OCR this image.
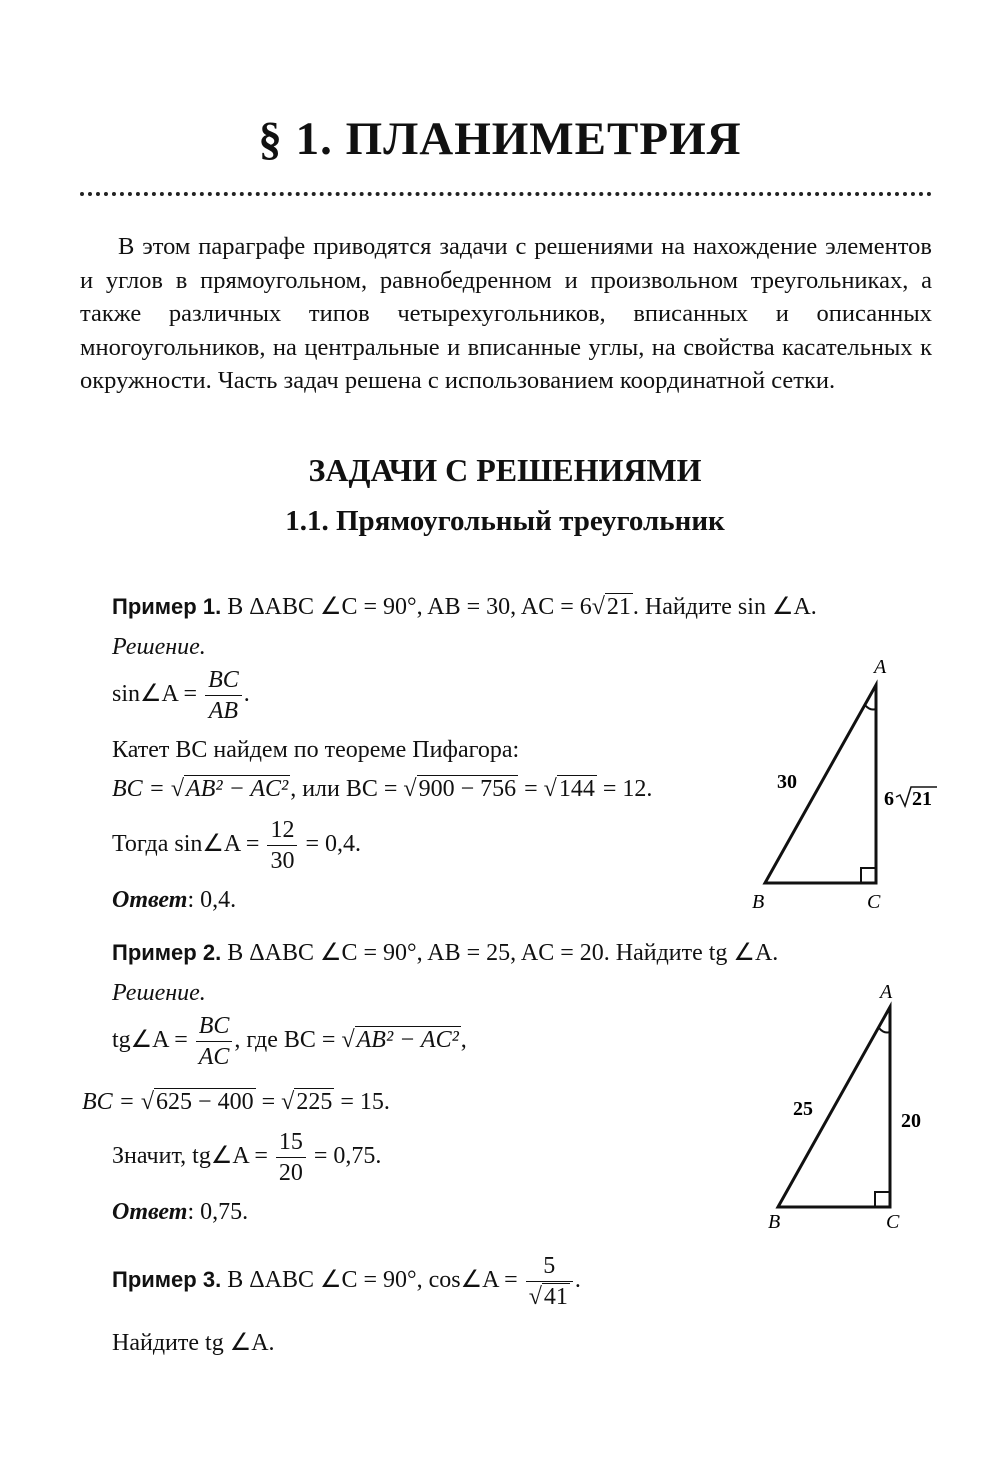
§ 1. ПЛАНИМЕТРИЯ

В этом параграфе приводятся задачи с решениями на нахождение элементов и углов в прямоугольном, равнобедренном и произвольном треугольниках, а также различных типов четырехугольников, вписанных и описанных многоугольников, на центральные и вписанные углы, на свойства касательных к окружности. Часть задач решена с использованием координатной сетки.

ЗАДАЧИ С РЕШЕНИЯМИ
1.1. Прямоугольный треугольник
Пример 1. В ΔABC ∠C = 90°, AB = 30, AC = 6√21. Найдите sin ∠A.
Решение.
sin∠A = $\frac{BC}{AB}$ .
Катет BC найдем по теореме Пифагора:
BC = √AB² − AC², или BC = √900 − 756 = √144 = 12.
Тогда sin∠A = $\frac{12}{30} = 0,4$.
Ответ: 0,4.
A
B	C
30
6 21
Пример 2. В ΔABC ∠C = 90°, AB = 25, AC = 20. Найдите tg ∠A.
Решение.
tg∠A = $\frac{BC}{AC}$ , где BC = √AB² − AC²,
BC = √625 − 400 = √225 = 15.
Значит, tg∠A = $\frac{15}{20} = 0,75$.
Ответ: 0,75.
A
B	C
25
20
Пример 3. В ΔABC ∠C = 90°, cos∠A = $\frac{5}{√41}$ .
Найдите tg ∠A.
